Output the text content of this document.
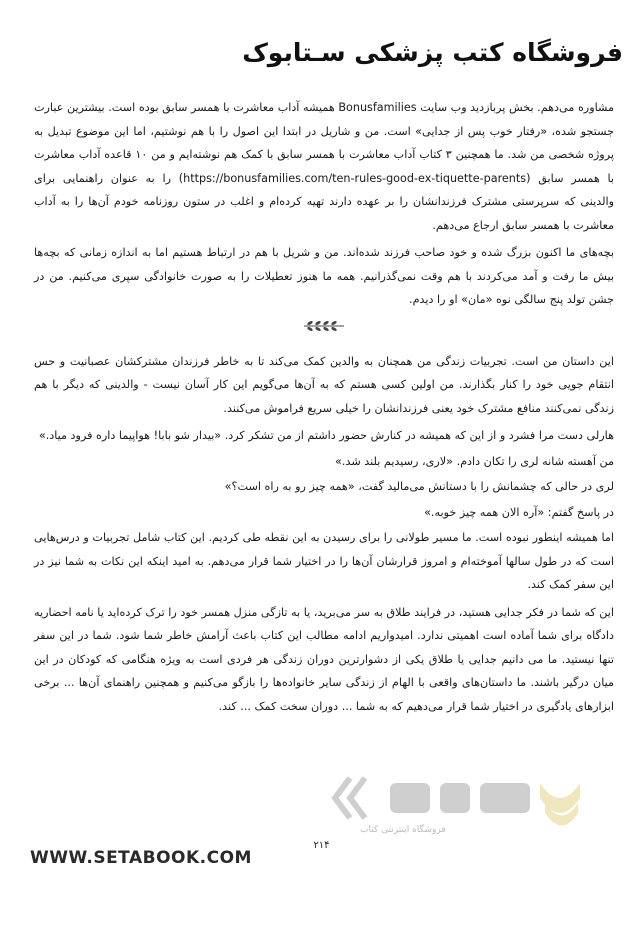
فروشگاه کتب پزشکی سـتابوک

مشاوره می‌دهم. بخش پربازدید وب سایت Bonusfamilies همیشه آداب معاشرت با همسر سابق بوده است. بیشترین عبارت جستجو شده، «رفتار خوب پس از جدایی» است. من و شاریل در ابتدا این اصول را با هم نوشتیم، اما این موضوع تبدیل به پروژه شخصی من شد. ما همچنین ۳ کتاب آداب معاشرت با همسر سابق با کمک هم نوشته‌ایم و من ۱۰ قاعده آداب معاشرت با همسر سابق (https://bonusfamilies.com/ten-rules-good-ex-tiquette-parents) را به عنوان راهنمایی برای والدینی که سرپرستی مشترک فرزندانشان را بر عهده دارند تهیه کرده‌ام و اغلب در ستون روزنامه خودم آن‌ها را به آداب معاشرت با همسر سابق ارجاع می‌دهم.

بچه‌های ما اکنون بزرگ شده و خود صاحب فرزند شده‌اند. من و شریل با هم در ارتباط هستیم اما به اندازه زمانی که بچه‌ها بیش ما رفت و آمد می‌کردند با هم وقت نمی‌گذرانیم. همه ما هنوز تعطیلات را به صورت خانوادگی سپری می‌کنیم. من در جشن تولد پنج سالگی نوه «مان» او را دیدم.

این داستان من است. تجربیات زندگی من همچنان به والدین کمک می‌کند تا به خاطر فرزندان مشترکشان عصبانیت و حس انتقام جویی خود را کنار بگذارند. من اولین کسی هستم که به آن‌ها می‌گویم این کار آسان نیست - والدینی که دیگر با هم زندگی نمی‌کنند منافع مشترک خود یعنی فرزندانشان را خیلی سریع فراموش می‌کنند.

هارلی دست مرا فشرد و از این که همیشه در کنارش حضور داشتم از من تشکر کرد. «بیدار شو بابا! هواپیما داره فرود میاد.»

من آهسته شانه لری را تکان دادم. «لاری، رسیدیم بلند شد.»

لری در حالی که چشمانش را با دستانش می‌مالید گفت، «همه چیز رو به راه است؟»

در پاسخ گفتم: «آره الان همه چیز خوبه.»

اما همیشه اینطور نبوده است. ما مسیر طولانی را برای رسیدن به این نقطه طی کردیم. این کتاب شامل تجربیات و درس‌هایی است که در طول سالها آموخته‌ام و امروز قرارشان آن‌ها را در اختیار شما قرار می‌دهم. به امید اینکه این نکات به شما نیز در این سفر کمک کند.

این که شما در فکر جدایی هستید، در فرایند طلاق به سر می‌برید، یا به تازگی منزل همسر خود را ترک کرده‌اید یا نامه احضاریه دادگاه برای شما آماده است اهمیتی ندارد. امیدواریم ادامه مطالب این کتاب باعث آرامش خاطر شما شود. شما در این سفر تنها نیستید. ما می دانیم جدایی یا طلاق یکی از دشوارترین دوران زندگی هر فردی است به ویژه هنگامی که کودکان در این میان درگیر باشند. ما داستان‌های واقعی با الهام از زندگی سایر خانواده‌ها را بازگو می‌کنیم و همچنین راهنمای آن‌ها ... برخی ابزارهای یادگیری در اختیار شما قرار می‌دهیم که به شما ... دوران سخت کمک ... کند.

فروشگاه اینترنتی کتاب
۲۱۴
WWW.SETABOOK.COM
